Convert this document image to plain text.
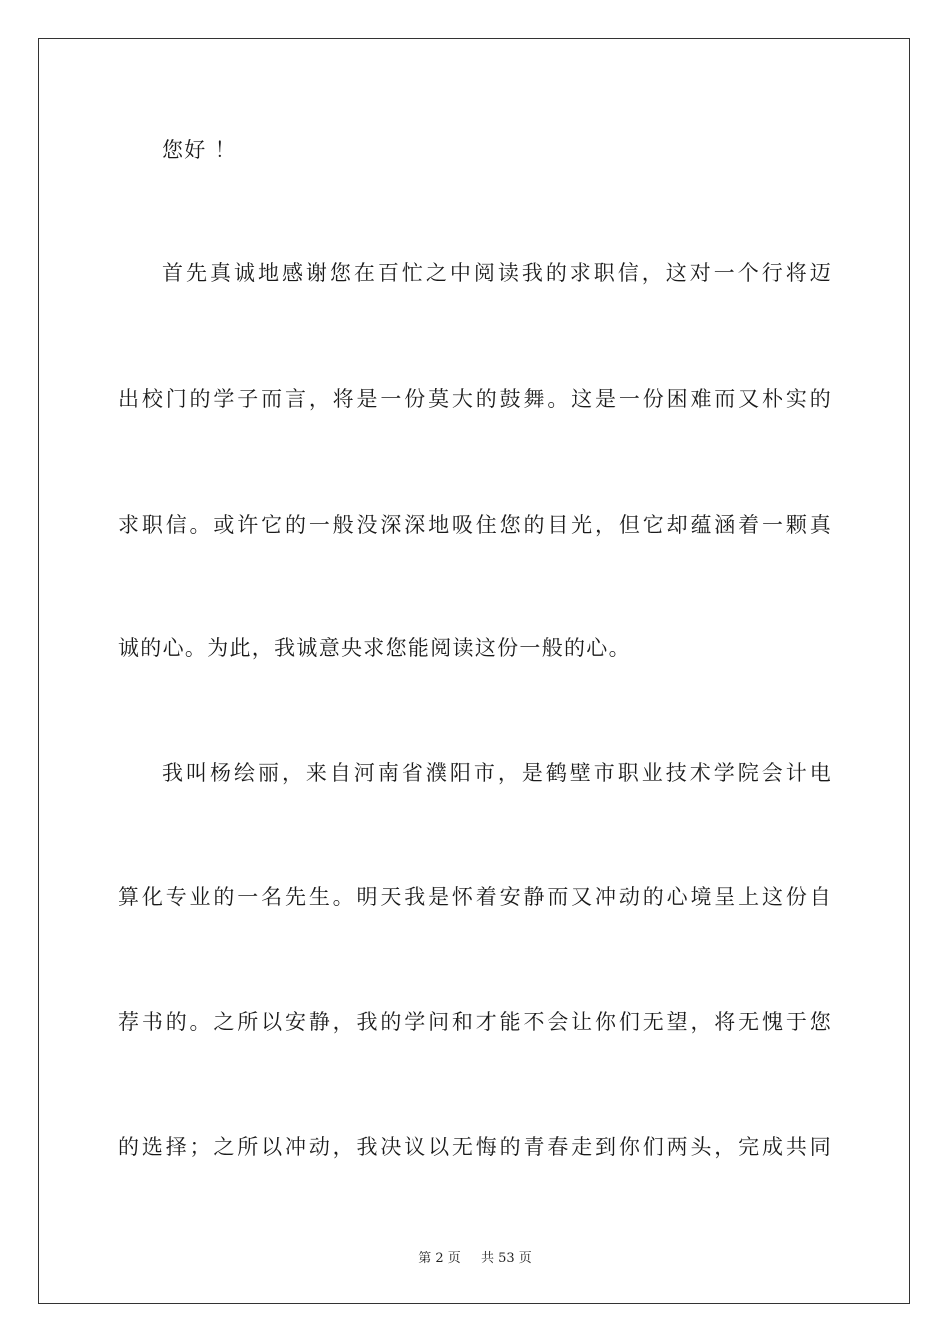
您好 ！
首先真诚地感谢您在百忙之中阅读我的求职信，这对一个行将迈
出校门的学子而言，将是一份莫大的鼓舞。这是一份困难而又朴实的
求职信。或许它的一般没深深地吸住您的目光，但它却蕴涵着一颗真
诚的心。为此，我诚意央求您能阅读这份一般的心。
我叫杨绘丽，来自河南省濮阳市，是鹤壁市职业技术学院会计电
算化专业的一名先生。明天我是怀着安静而又冲动的心境呈上这份自
荐书的。之所以安静，我的学问和才能不会让你们无望，将无愧于您
的选择；之所以冲动，我决议以无悔的青春走到你们两头，完成共同
第 2 页 共 53 页
